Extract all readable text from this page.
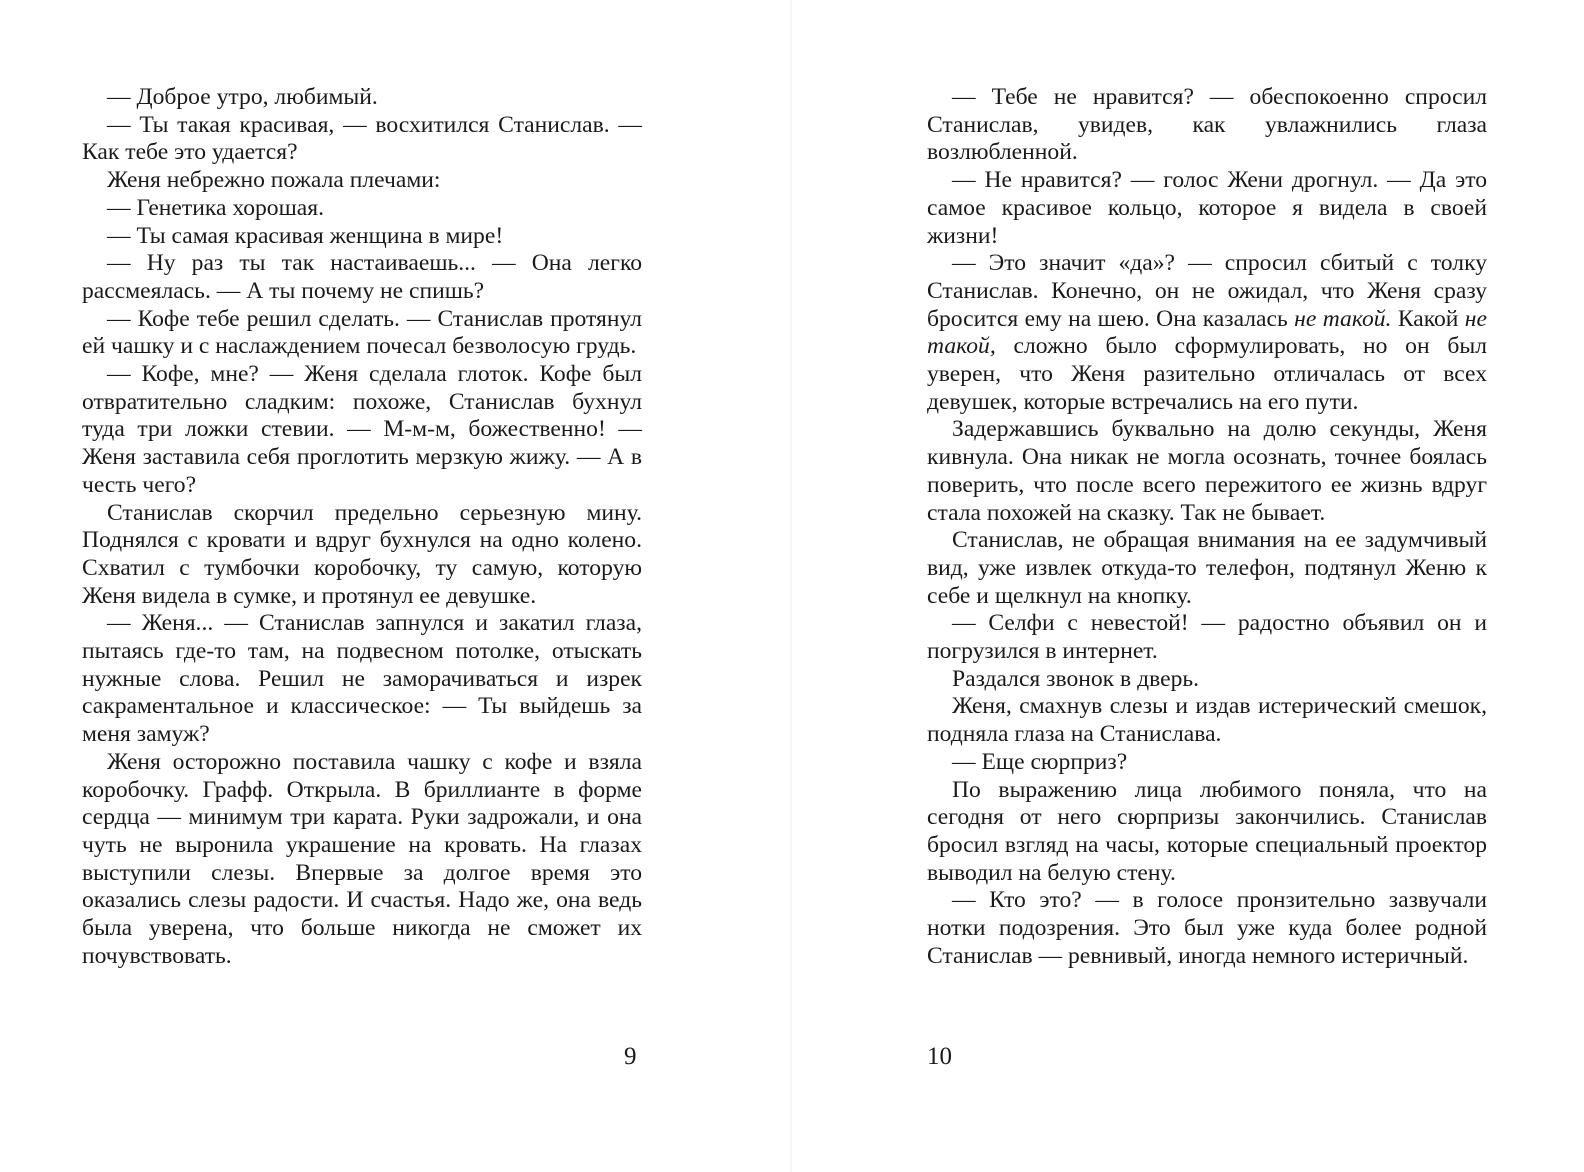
— Доброе утро, любимый.

— Ты такая красивая, — восхитился Станислав. — Как тебе это удается?

Женя небрежно пожала плечами:

— Генетика хорошая.

— Ты самая красивая женщина в мире!

— Ну раз ты так настаиваешь... — Она легко рассмеялась. — А ты почему не спишь?

— Кофе тебе решил сделать. — Станислав протянул ей чашку и с наслаждением почесал безволосую грудь.

— Кофе, мне? — Женя сделала глоток. Кофе был отвратительно сладким: похоже, Станислав бухнул туда три ложки стевии. — М-м-м, божественно! — Женя заставила себя проглотить мерзкую жижу. — А в честь чего?

Станислав скорчил предельно серьезную мину. Поднялся с кровати и вдруг бухнулся на одно колено. Схватил с тумбочки коробочку, ту самую, которую Женя видела в сумке, и протянул ее девушке.

— Женя... — Станислав запнулся и закатил глаза, пытаясь где-то там, на подвесном потолке, отыскать нужные слова. Решил не заморачиваться и изрек сакраментальное и классическое: — Ты выйдешь за меня замуж?

Женя осторожно поставила чашку с кофе и взяла коробочку. Графф. Открыла. В бриллианте в форме сердца — минимум три карата. Руки задрожали, и она чуть не выронила украшение на кровать. На глазах выступили слезы. Впервые за долгое время это оказались слезы радости. И счастья. Надо же, она ведь была уверена, что больше никогда не сможет их почувствовать.

9

— Тебе не нравится? — обеспокоенно спросил Станислав, увидев, как увлажнились глаза возлюбленной.

— Не нравится? — голос Жени дрогнул. — Да это самое красивое кольцо, которое я видела в своей жизни!

— Это значит «да»? — спросил сбитый с толку Станислав. Конечно, он не ожидал, что Женя сразу бросится ему на шею. Она казалась не такой. Какой не такой, сложно было сформулировать, но он был уверен, что Женя разительно отличалась от всех девушек, которые встречались на его пути.

Задержавшись буквально на долю секунды, Женя кивнула. Она никак не могла осознать, точнее боялась поверить, что после всего пережитого ее жизнь вдруг стала похожей на сказку. Так не бывает.

Станислав, не обращая внимания на ее задумчивый вид, уже извлек откуда-то телефон, подтянул Женю к себе и щелкнул на кнопку.

— Селфи с невестой! — радостно объявил он и погрузился в интернет.

Раздался звонок в дверь.

Женя, смахнув слезы и издав истерический смешок, подняла глаза на Станислава.

— Еще сюрприз?

По выражению лица любимого поняла, что на сегодня от него сюрпризы закончились. Станислав бросил взгляд на часы, которые специальный проектор выводил на белую стену.

— Кто это? — в голосе пронзительно зазвучали нотки подозрения. Это был уже куда более родной Станислав — ревнивый, иногда немного истеричный.

10
